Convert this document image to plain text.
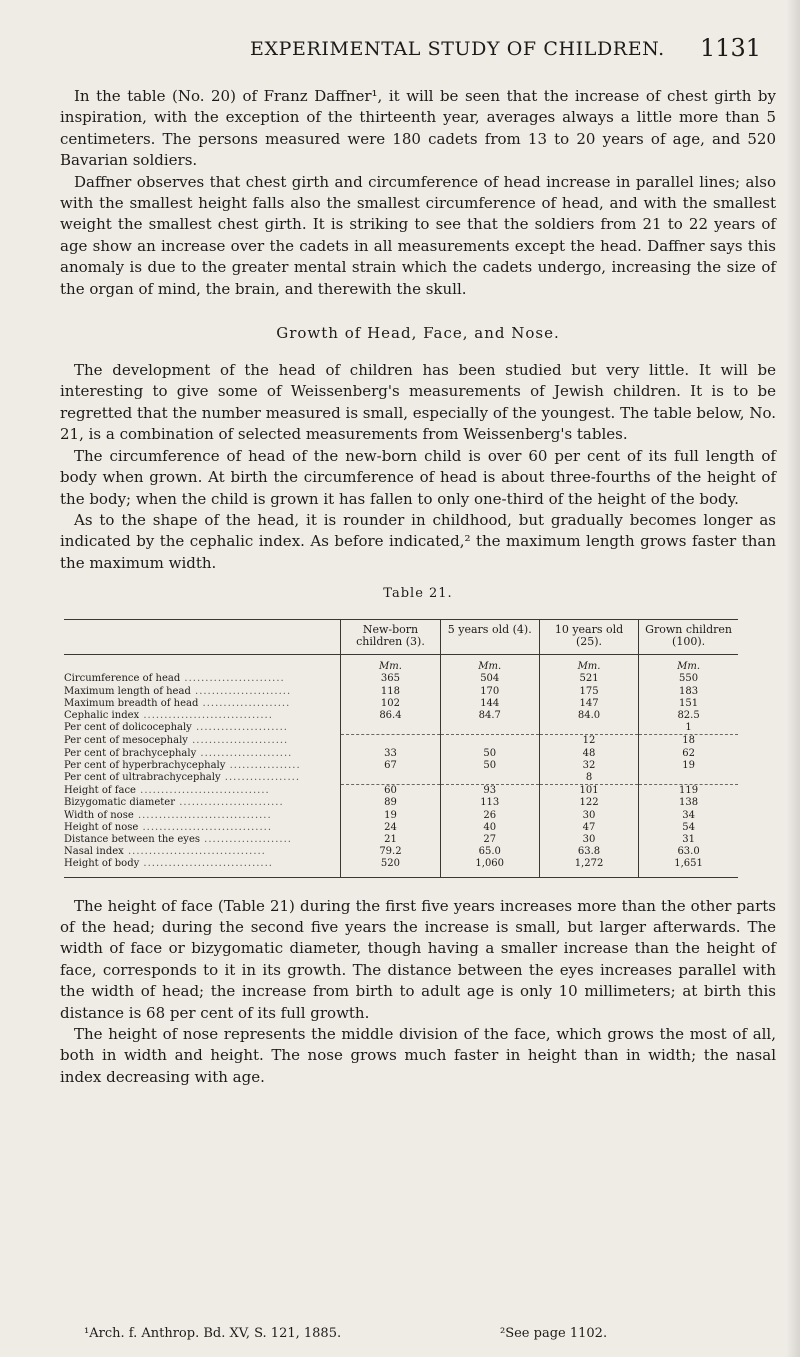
EXPERIMENTAL STUDY OF CHILDREN. 1131

In the table (No. 20) of Franz Daffner¹, it will be seen that the increase of chest girth by inspiration, with the exception of the thirteenth year, averages always a little more than 5 centimeters. The persons measured were 180 cadets from 13 to 20 years of age, and 520 Bavarian soldiers.

Daffner observes that chest girth and circumference of head increase in parallel lines; also with the smallest height falls also the smallest circumference of head, and with the smallest weight the smallest chest girth. It is striking to see that the soldiers from 21 to 22 years of age show an increase over the cadets in all measurements except the head. Daffner says this anomaly is due to the greater mental strain which the cadets undergo, increasing the size of the organ of mind, the brain, and therewith the skull.

Growth of Head, Face, and Nose.

The development of the head of children has been studied but very little. It will be interesting to give some of Weissenberg's measurements of Jewish children. It is to be regretted that the number measured is small, especially of the youngest. The table below, No. 21, is a combination of selected measurements from Weissenberg's tables.

The circumference of head of the new-born child is over 60 per cent of its full length of body when grown. At birth the circumference of head is about three-fourths of the height of the body; when the child is grown it has fallen to only one-third of the height of the body.

As to the shape of the head, it is rounder in childhood, but gradually becomes longer as indicated by the cephalic index. As before indicated,² the maximum length grows faster than the maximum width.

Table 21.
	New-born children (3).	5 years old (4).	10 years old (25).	Grown children (100).
	Mm.	Mm.	Mm.	Mm.
Circumference of head ........................	365	504	521	550
Maximum length of head .......................	118	170	175	183
Maximum breadth of head .....................	102	144	147	151
Cephalic index ...............................	86.4	84.7	84.0	82.5
Per cent of dolicocephaly ......................				1
Per cent of mesocephaly .......................			12	18
Per cent of brachycephaly ......................	33	50	48	62
Per cent of hyperbrachycephaly .................	67	50	32	19
Per cent of ultrabrachycephaly ..................			8	
Height of face ...............................	60	93	101	119
Bizygomatic diameter .........................	89	113	122	138
Width of nose ................................	19	26	30	34
Height of nose ...............................	24	40	47	54
Distance between the eyes .....................	21	27	30	31
Nasal index .................................	79.2	65.0	63.8	63.0
Height of body ...............................	520	1,060	1,272	1,651

The height of face (Table 21) during the first five years increases more than the other parts of the head; during the second five years the increase is small, but larger afterwards. The width of face or bizygomatic diameter, though having a smaller increase than the height of face, corresponds to it in its growth. The distance between the eyes increases parallel with the width of head; the increase from birth to adult age is only 10 millimeters; at birth this distance is 68 per cent of its full growth.

The height of nose represents the middle division of the face, which grows the most of all, both in width and height. The nose grows much faster in height than in width; the nasal index decreasing with age.

¹Arch. f. Anthrop. Bd. XV, S. 121, 1885.	²See page 1102.
